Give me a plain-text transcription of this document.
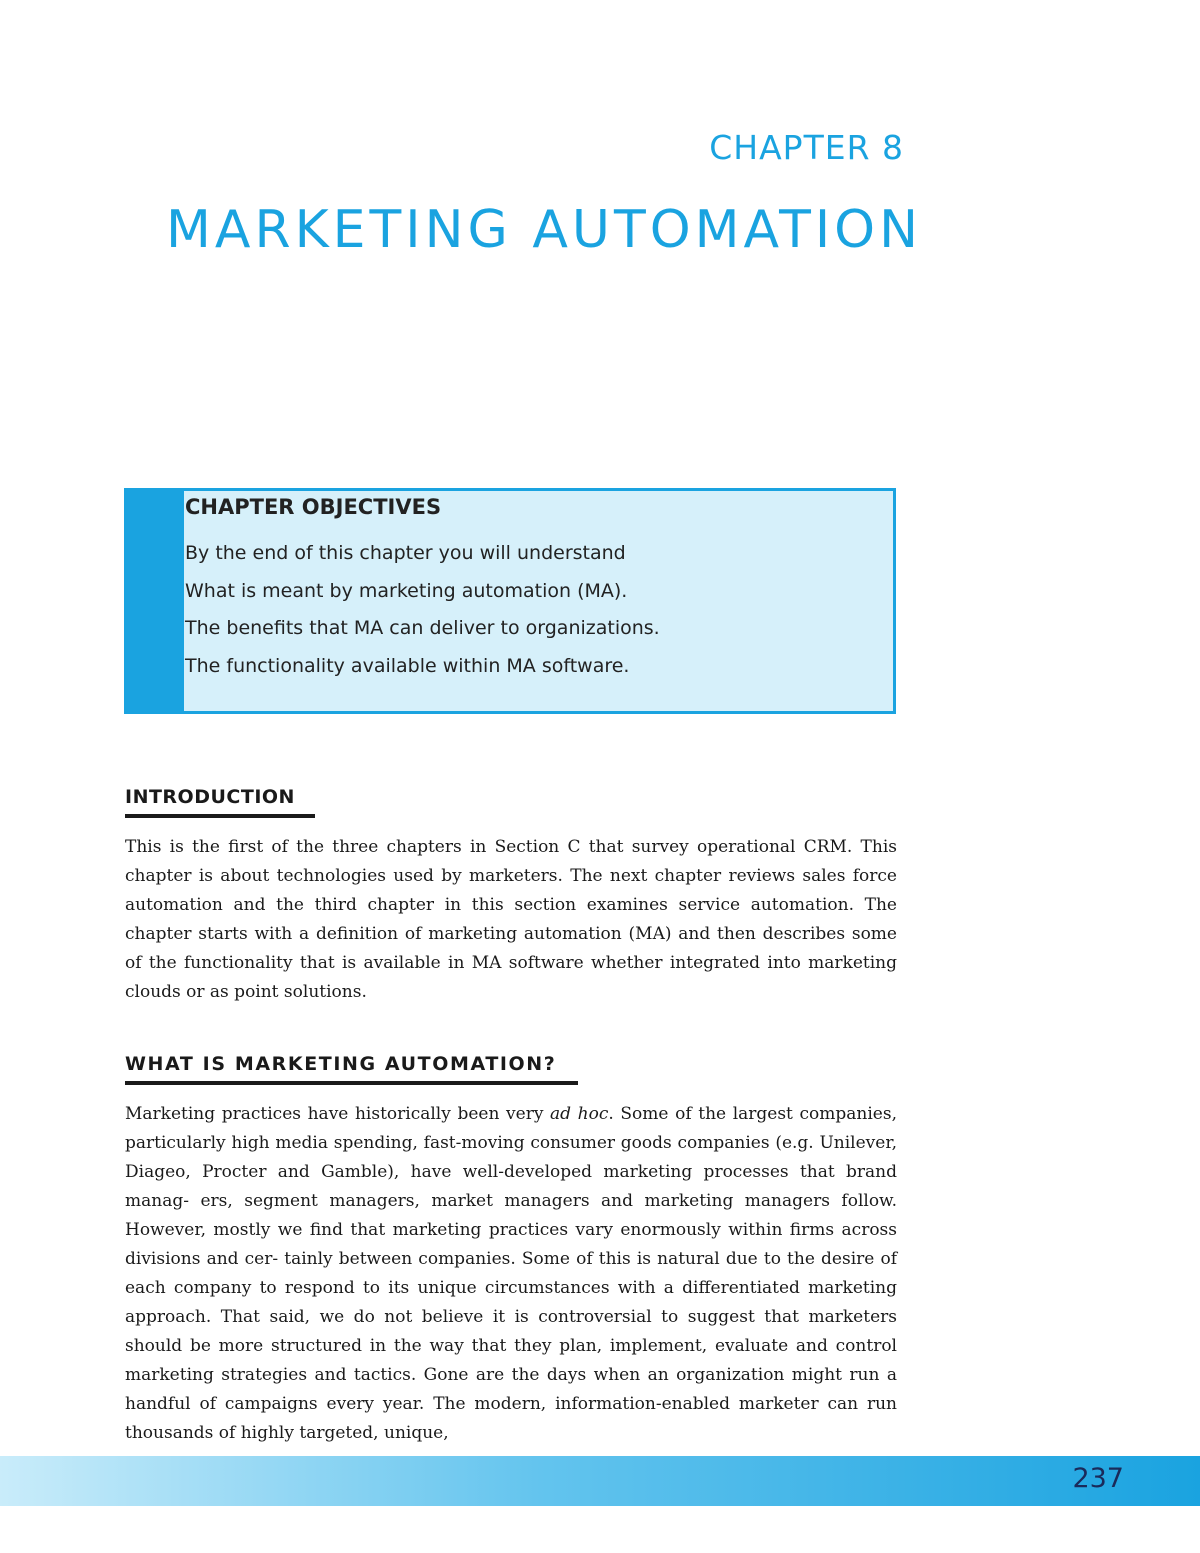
CHAPTER 8
MARKETING AUTOMATION
CHAPTER OBJECTIVES
By the end of this chapter you will understand
What is meant by marketing automation (MA).
The benefits that MA can deliver to organizations.
The functionality available within MA software.
INTRODUCTION

This is the first of the three chapters in Section C that survey operational CRM. This chapter is about technologies used by marketers. The next chapter reviews sales force automation and the third chapter in this section examines service automation. The chapter starts with a definition of marketing automation (MA) and then describes some of the functionality that is available in MA software whether integrated into marketing clouds or as point solutions.

WHAT IS MARKETING AUTOMATION?

Marketing practices have historically been very ad hoc. Some of the largest companies, particularly high media spending, fast-moving consumer goods companies (e.g. Unilever, Diageo, Procter and Gamble), have well-developed marketing processes that brand manag- ers, segment managers, market managers and marketing managers follow. However, mostly we find that marketing practices vary enormously within firms across divisions and cer- tainly between companies. Some of this is natural due to the desire of each company to respond to its unique circumstances with a differentiated marketing approach. That said, we do not believe it is controversial to suggest that marketers should be more structured in the way that they plan, implement, evaluate and control marketing strategies and tactics. Gone are the days when an organization might run a handful of campaigns every year. The modern, information-enabled marketer can run thousands of highly targeted, unique,

237
